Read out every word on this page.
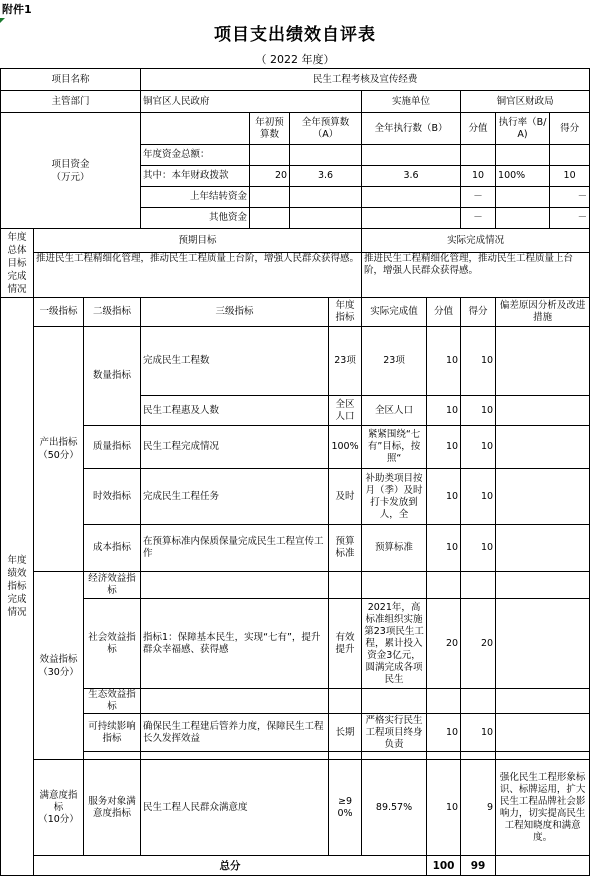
附件1
项目支出绩效自评表
（ 2022 年度）
项目名称			民生工程考核及宣传经费								
主管部门			铜官区人民政府				实施单位		铜官区财政局		
项目资金
（万元）				年初预算数	全年预算数（A）		全年执行数（B）		分值	执行率（B/A)	得分
			年度资金总额：								
			其中：本年财政拨款	20	3.6		3.6		10	100%	10
			上年结转资金						－		－
			其他资金						－		－
年度总体目标完成情况	预期目标						实际完成情况				
	推进民生工程精细化管理，推动民生工程质量上台阶，增强人民群众获得感。						推进民生工程精细化管理，推动民生工程质量上台阶，增强人民群众获得感。				
年度绩效指标完成情况	一级指标	二级指标	三级指标			年度指标	实际完成值	分值	得分	偏差原因分析及改进措施	
	产出指标
（50分）	数量指标	完成民生工程数			23项	23项	10	10		
			民生工程惠及人数			全区人口	全区人口	10	10		
		质量指标	民生工程完成情况			100%	紧紧围绕“七有”目标，按照“	10	10		
		时效指标	完成民生工程任务			及时	补助类项目按月（季）及时打卡发放到人，全	10	10		
		成本指标	在预算标准内保质保量完成民生工程宣传工作			预算标准	预算标准	10	10		
	效益指标
（30分）	经济效益指标									
		社会效益指标	指标1：保障基本民生，实现“七有”，提升群众幸福感、获得感			有效提升	2021年，高标准组织实施第23项民生工程，累计投入资金3亿元，圆满完成各项民生	20	20		
		生态效益指标									
		可持续影响指标	确保民生工程建后管养力度，保障民生工程长久发挥效益			长期	严格实行民生工程项目终身负责	10	10		

	满意度指标
（10分）	服务对象满意度指标	民生工程人民群众满意度			≥90%	89.57%	10	9	强化民生工程形象标识、标牌运用，扩大民生工程品牌社会影响力，切实提高民生工程知晓度和满意度。	
	总分							100	99		
